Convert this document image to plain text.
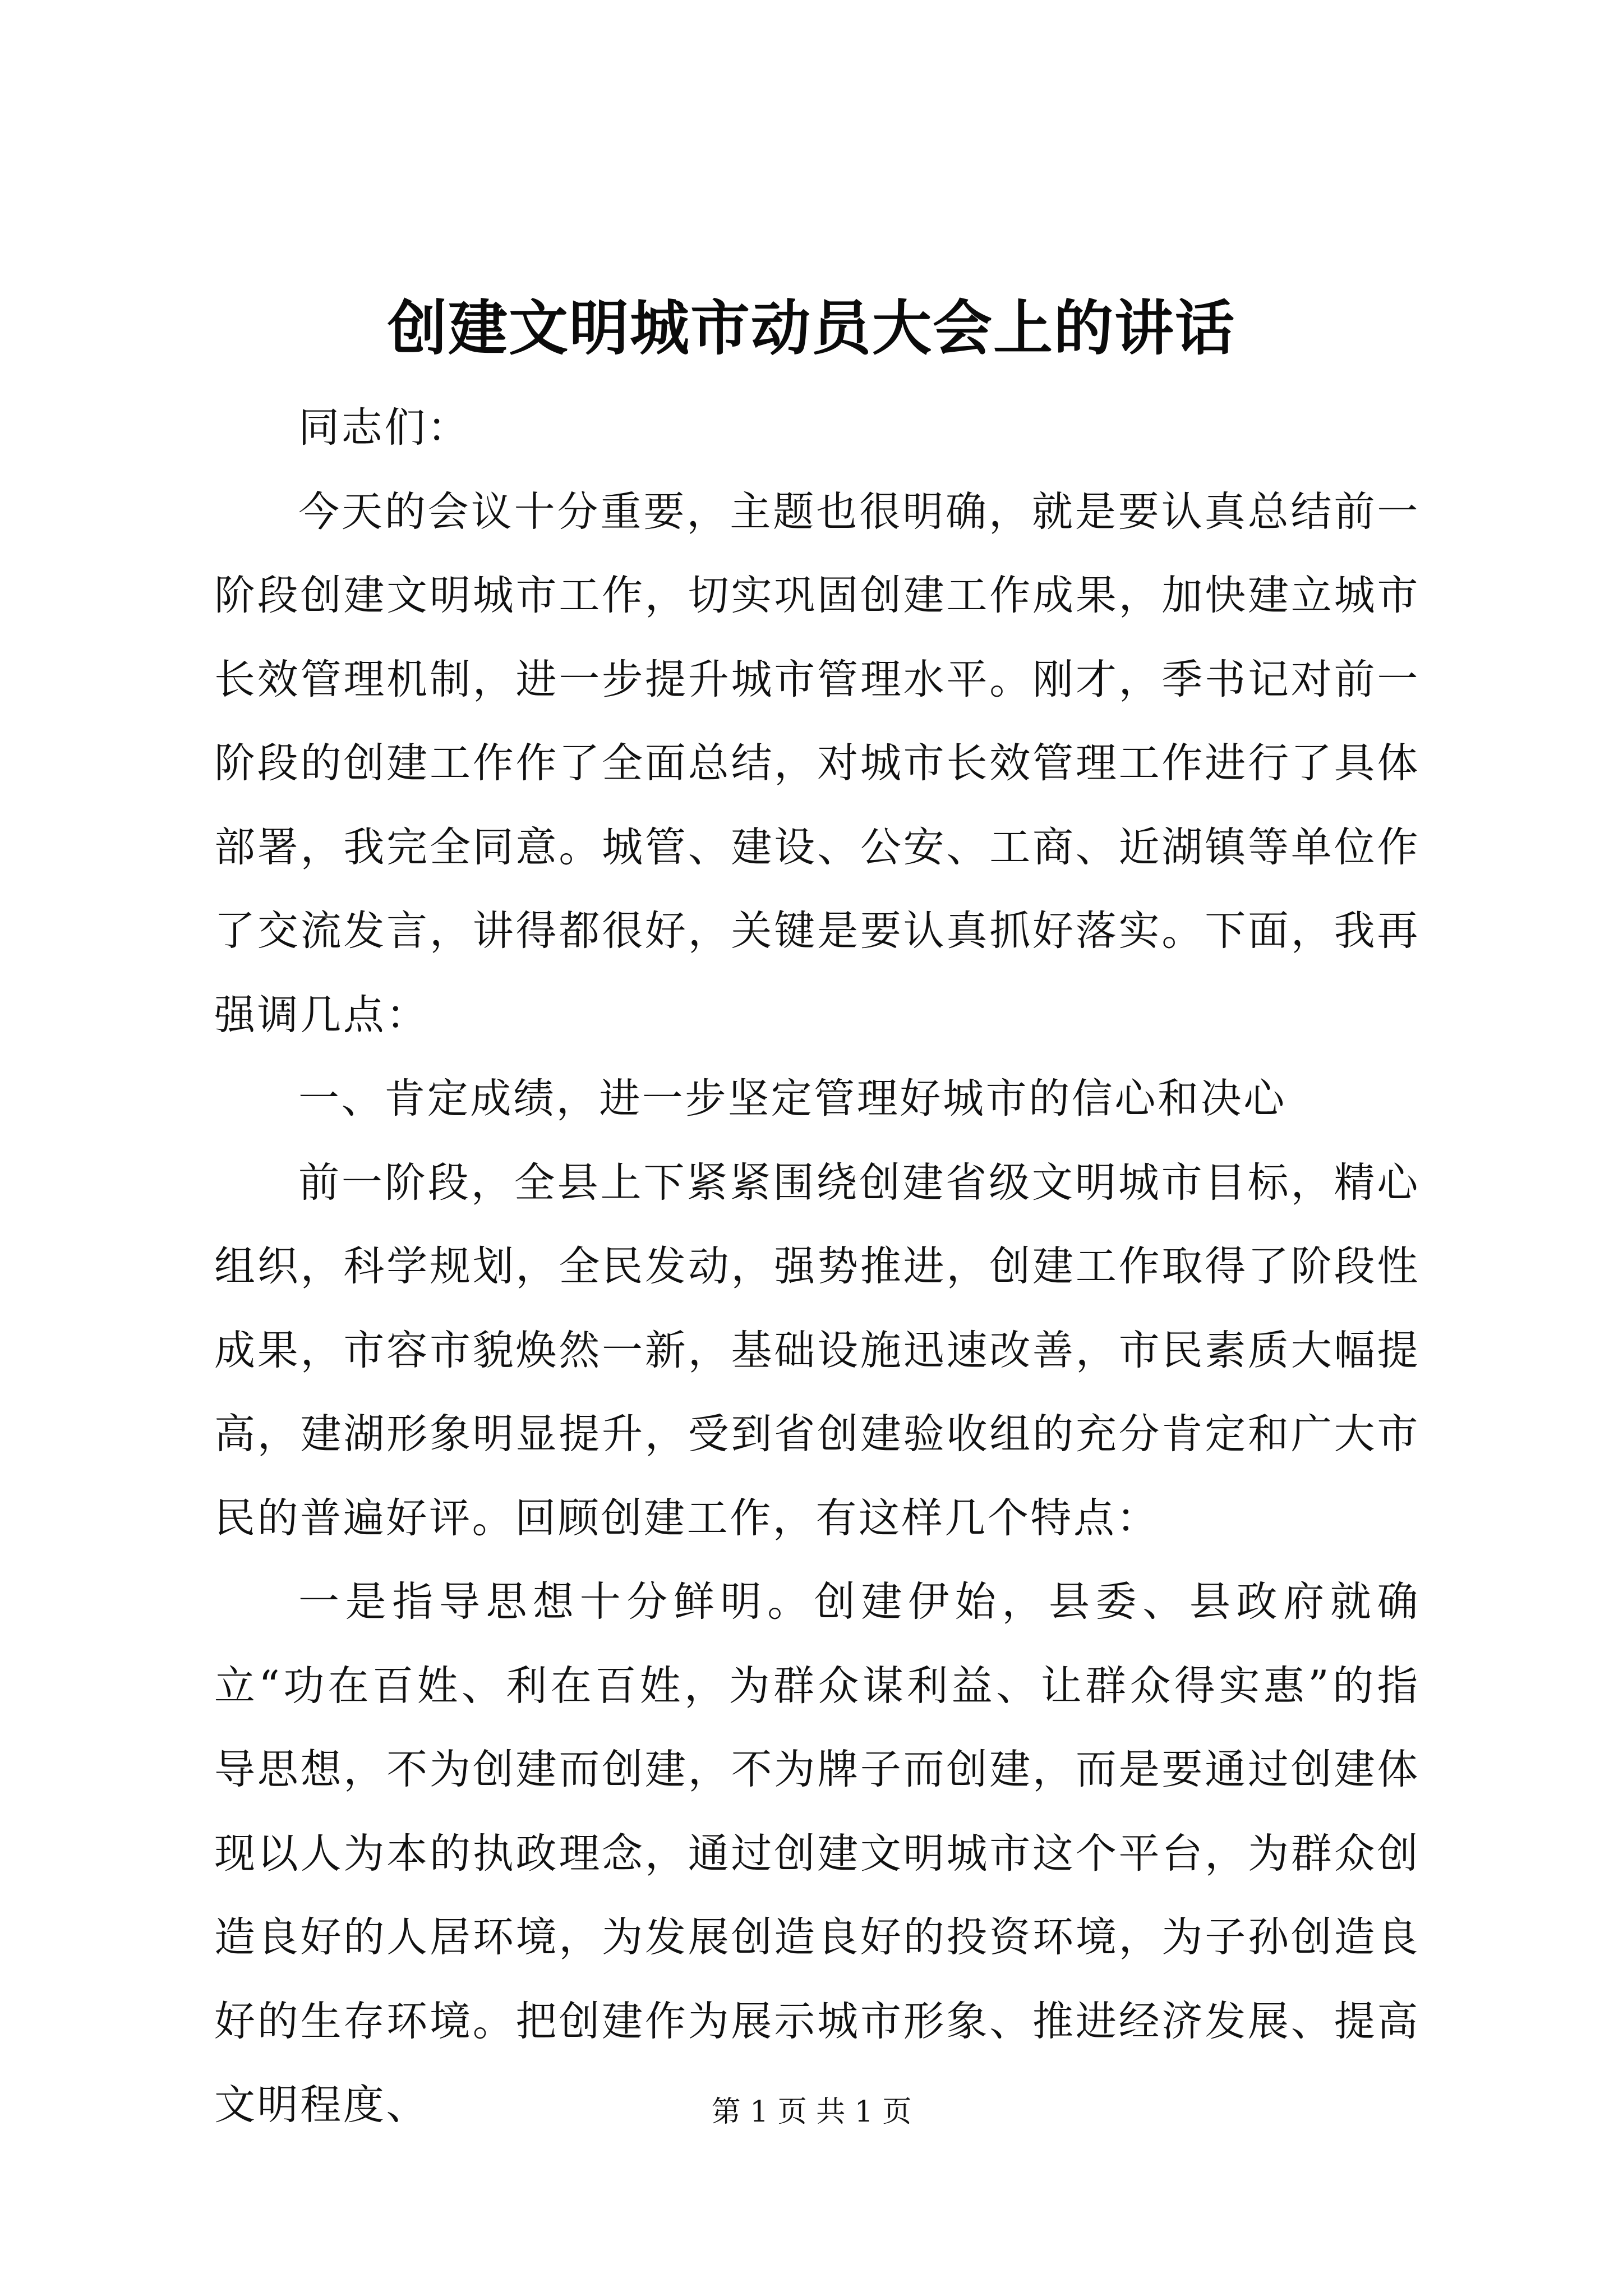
创建文明城市动员大会上的讲话

同志们：

今天的会议十分重要，主题也很明确，就是要认真总结前一阶段创建文明城市工作，切实巩固创建工作成果，加快建立城市长效管理机制，进一步提升城市管理水平。刚才，季书记对前一阶段的创建工作作了全面总结，对城市长效管理工作进行了具体部署，我完全同意。城管、建设、公安、工商、近湖镇等单位作了交流发言，讲得都很好，关键是要认真抓好落实。下面，我再强调几点：

一、肯定成绩，进一步坚定管理好城市的信心和决心

前一阶段，全县上下紧紧围绕创建省级文明城市目标，精心组织，科学规划，全民发动，强势推进，创建工作取得了阶段性成果，市容市貌焕然一新，基础设施迅速改善，市民素质大幅提高，建湖形象明显提升，受到省创建验收组的充分肯定和广大市民的普遍好评。回顾创建工作，有这样几个特点：

一是指导思想十分鲜明。创建伊始，县委、县政府就确立“功在百姓、利在百姓，为群众谋利益、让群众得实惠”的指导思想，不为创建而创建，不为牌子而创建，而是要通过创建体现以人为本的执政理念，通过创建文明城市这个平台，为群众创造良好的人居环境，为发展创造良好的投资环境，为子孙创造良好的生存环境。把创建作为展示城市形象、推进经济发展、提高文明程度、	第 1 页 共 1 页
